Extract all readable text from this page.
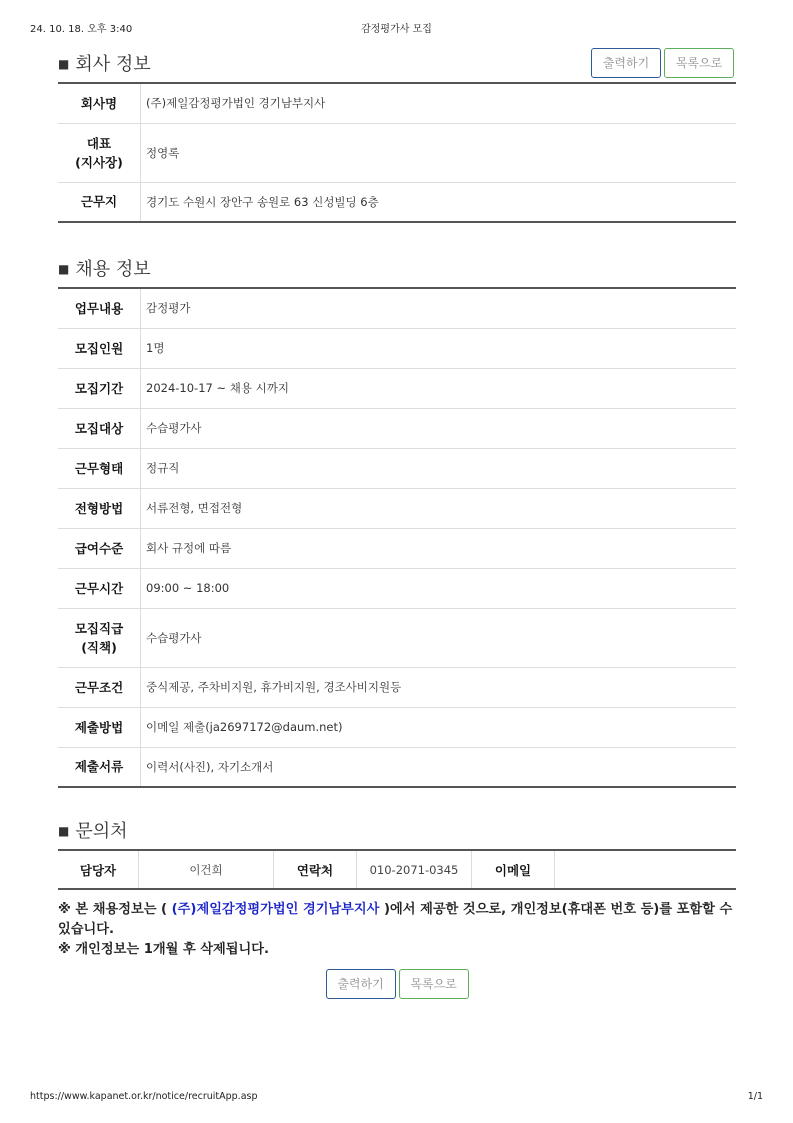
24. 10. 18. 오후 3:40	감정평가사 모집
■ 회사 정보	출력하기 목록으로
회사명	(주)제일감정평가법인 경기남부지사
대표
(지사장)	정영록
근무지	경기도 수원시 장안구 송원로 63 신성빌딩 6층
■ 채용 정보
업무내용	감정평가
모집인원	1명
모집기간	2024-10-17 ~ 채용 시까지
모집대상	수습평가사
근무형태	정규직
전형방법	서류전형, 면접전형
급여수준	회사 규정에 따름
근무시간	09:00 ~ 18:00
모집직급
(직책)	수습평가사
근무조건	중식제공, 주차비지원, 휴가비지원, 경조사비지원등
제출방법	이메일 제출(ja2697172@daum.net)
제출서류	이력서(사진), 자기소개서
■ 문의처
담당자	이건희	연락처	010-2071-0345	이메일	
※ 본 채용정보는 ( (주)제일감정평가법인 경기남부지사 )에서 제공한 것으로, 개인정보(휴대폰 번호 등)를 포함할 수 있습니다.
※ 개인정보는 1개월 후 삭제됩니다.
출력하기 목록으로
https://www.kapanet.or.kr/notice/recruitApp.asp	1/1
